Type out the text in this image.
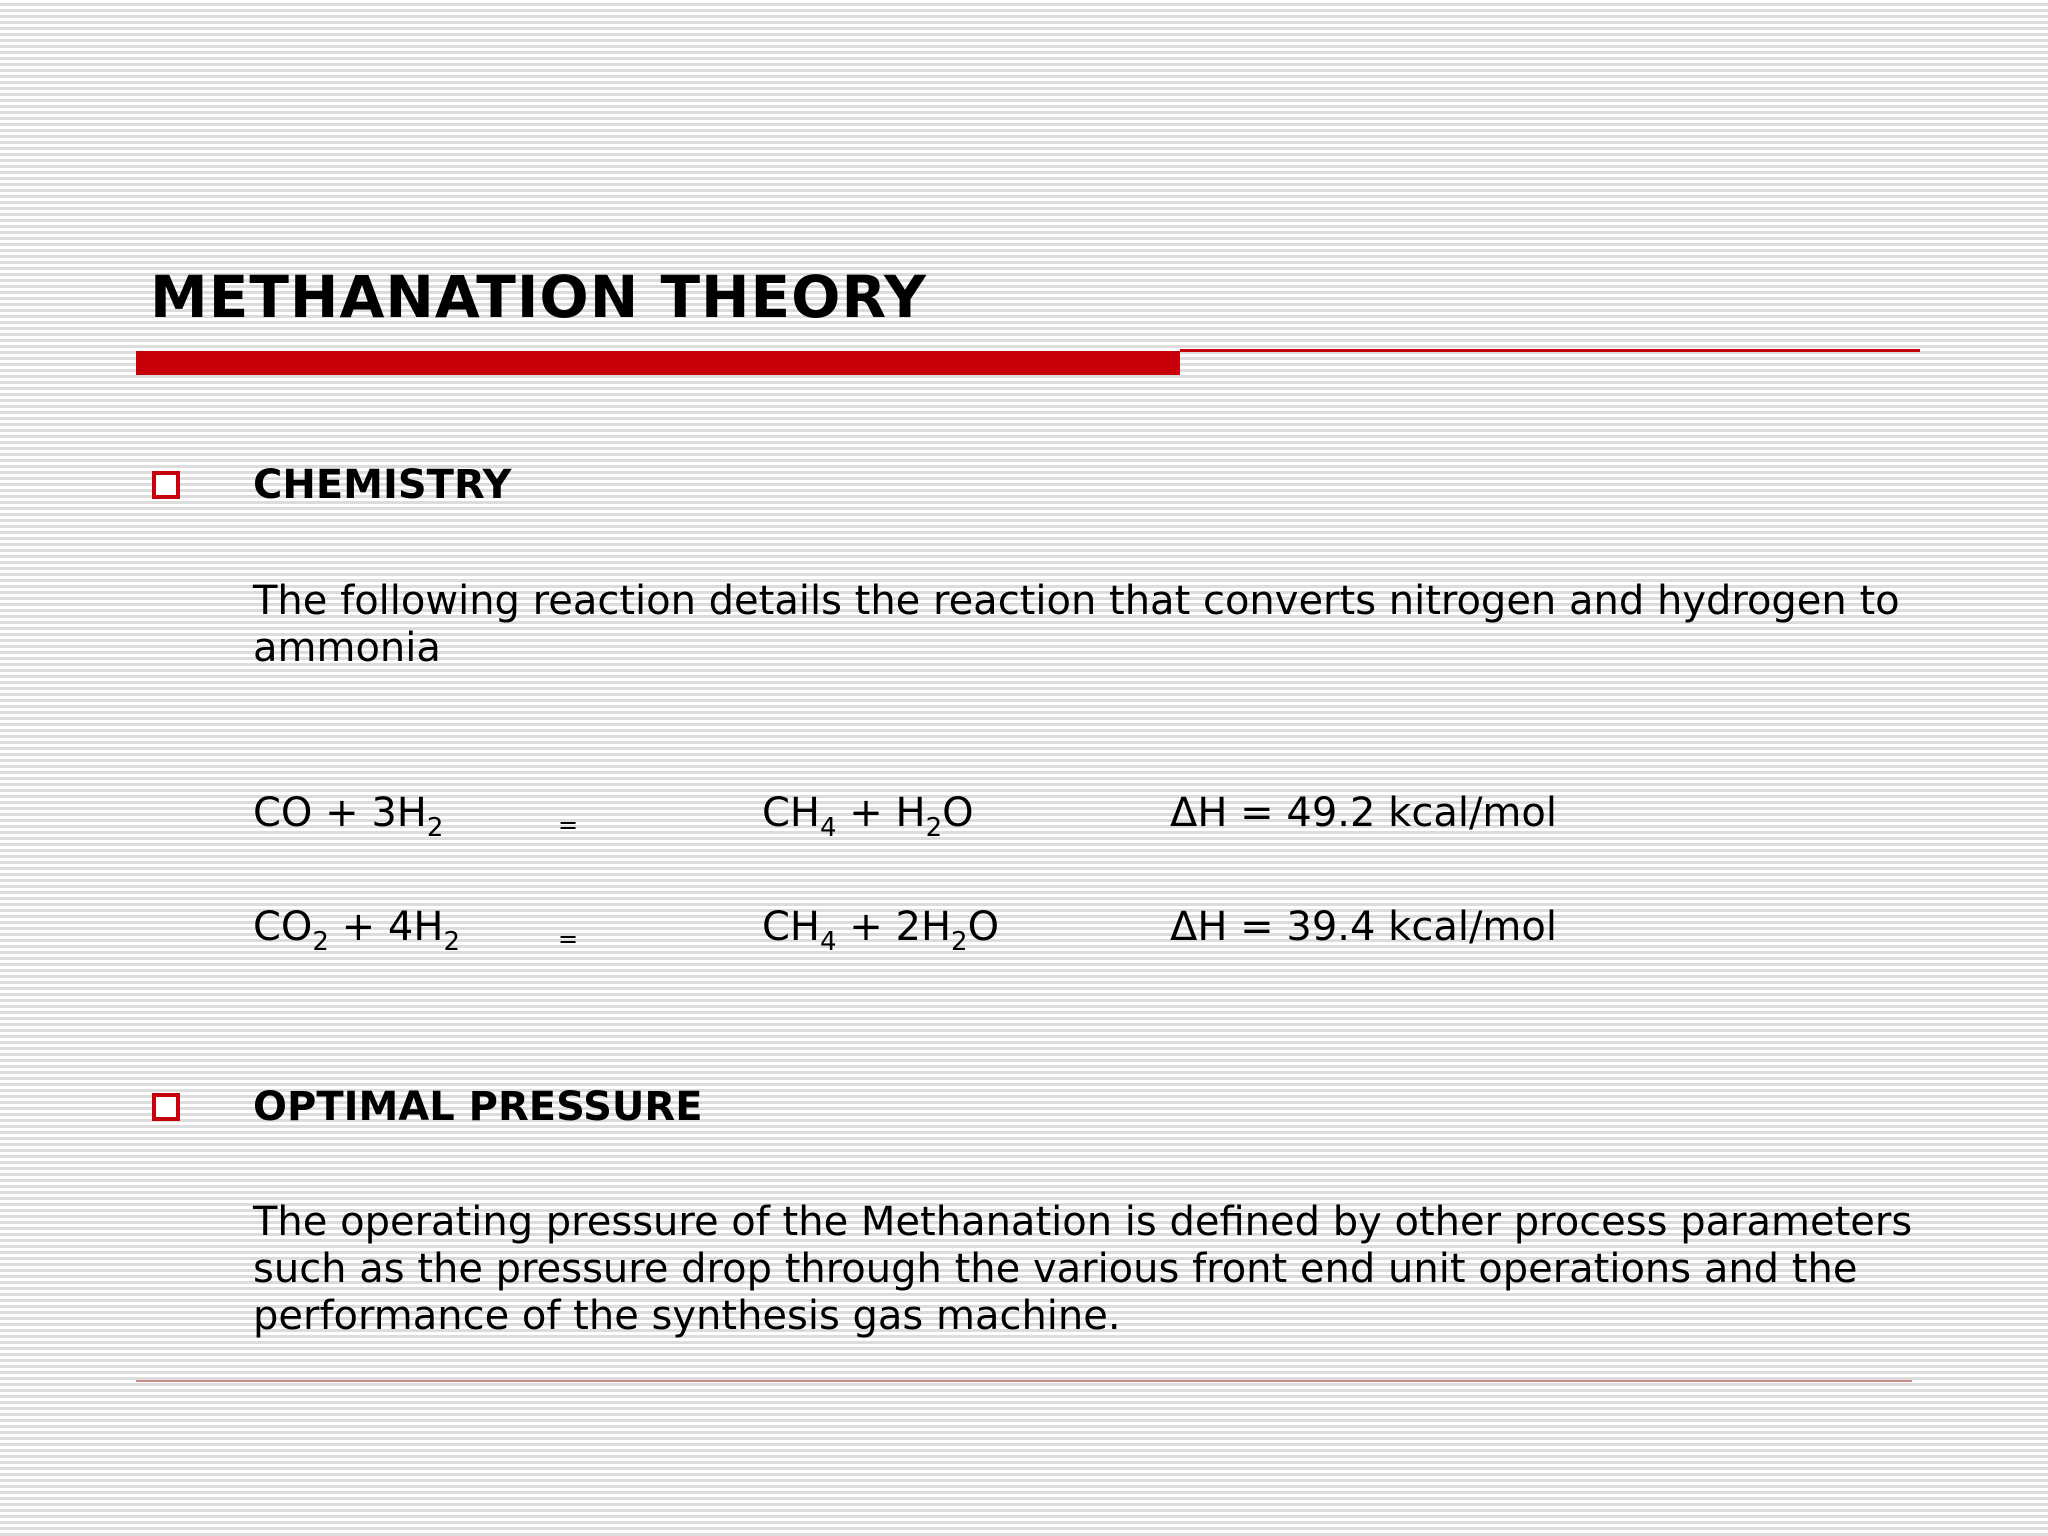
METHANATION THEORY
CHEMISTRY

The following reaction details the reaction that converts nitrogen and hydrogen to ammonia

CO + $3H_2$	=	$CH_4 + H_2O$	ΔH = 49.2 kcal/mol
$CO_2 + 4H_2$	=	$CH_4 + 2H_2O$	ΔH = 39.4 kcal/mol
OPTIMAL PRESSURE

The operating pressure of the Methanation is defined by other process parameters such as the pressure drop through the various front end unit operations and the performance of the synthesis gas machine.
